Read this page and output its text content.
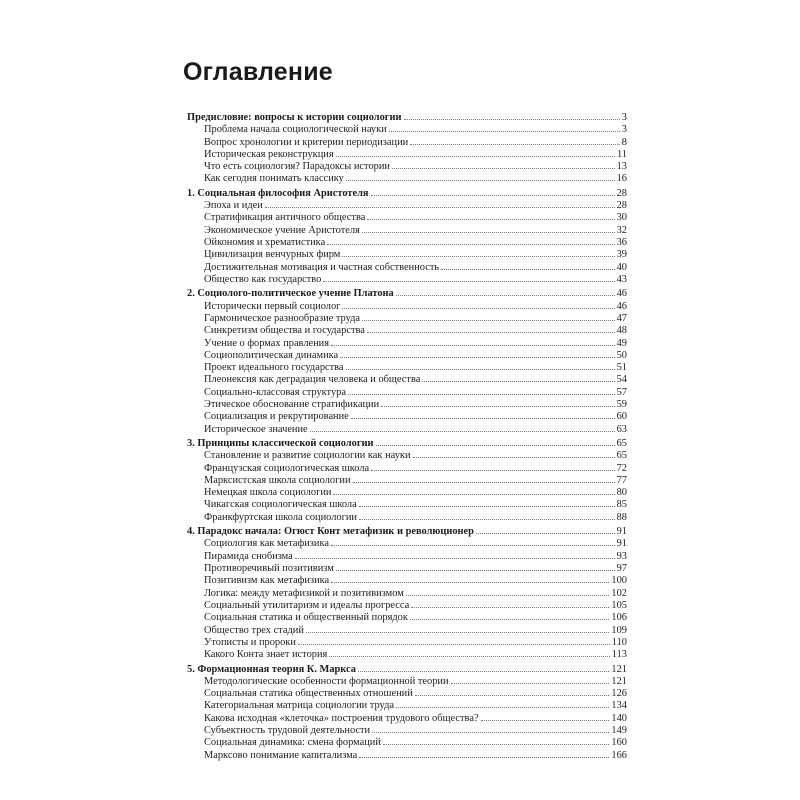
Оглавление
Предисловие: вопросы к истории социологии	3
Проблема начала социологической науки	3
Вопрос хронологии и критерии периодизации	8
Историческая реконструкция	11
Что есть социология? Парадоксы истории	13
Как сегодня понимать классику	16
1. Социальная философия Аристотеля	28
Эпоха и идеи	28
Стратификация античного общества	30
Экономическое учение Аристотеля	32
Ойкономия и хрематистика	36
Цивилизация венчурных фирм	39
Достижительная мотивация и частная собственность	40
Общество как государство	43
2. Социолого-политическое учение Платона	46
Исторически первый социолог	46
Гармоническое разнообразие труда	47
Синкретизм общества и государства	48
Учение о формах правления	49
Социополитическая динамика	50
Проект идеального государства	51
Плеонексия как деградация человека и общества	54
Социально-классовая структура	57
Этическое обоснование стратификации	59
Социализация и рекрутирование	60
Историческое значение	63
3. Принципы классической социологии	65
Становление и развитие социологии как науки	65
Французская социологическая школа	72
Марксистская школа социологии	77
Немецкая школа социологии	80
Чикагская социологическая школа	85
Франкфуртская школа социологии	88
4. Парадокс начала: Огюст Конт метафизик и революционер	91
Социология как метафизика	91
Пирамида снобизма	93
Противоречивый позитивизм	97
Позитивизм как метафизика	100
Логика: между метафизикой и позитивизмом	102
Социальный утилитаризм и идеалы прогресса	105
Социальная статика и общественный порядок	106
Общество трех стадий	109
Утописты и пророки	110
Какого Конта знает история	113
5. Формационная теория К. Маркса	121
Методологические особенности формационной теории	121
Социальная статика общественных отношений	126
Категориальная матрица социологии труда	134
Какова исходная «клеточка» построения трудового общества?	140
Субъектность трудовой деятельности	149
Социальная динамика: смена формаций	160
Марксово понимание капитализма	166
